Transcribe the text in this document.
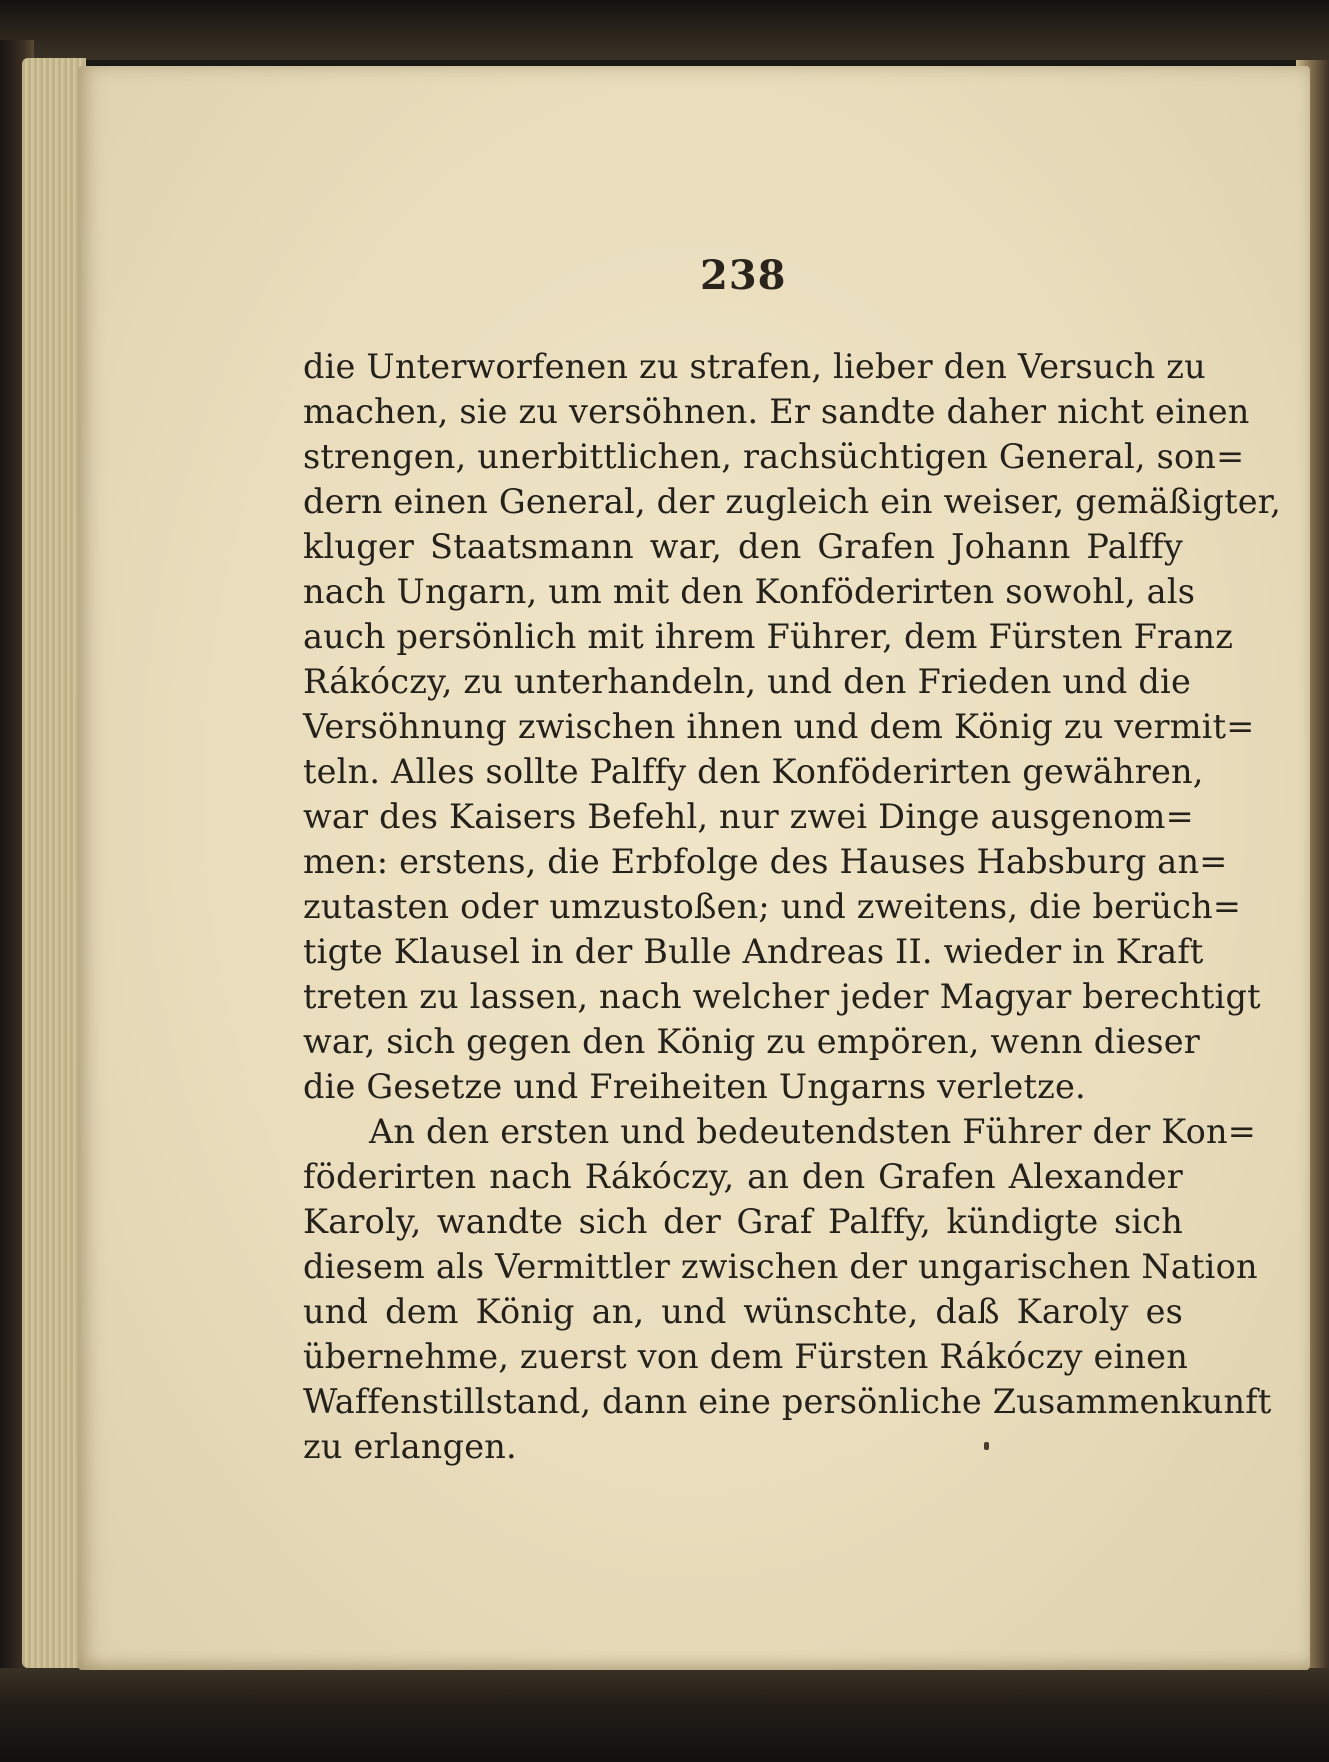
238

die Unterworfenen zu strafen, lieber den Versuch zu
machen, sie zu versöhnen. Er sandte daher nicht einen
strengen, unerbittlichen, rachsüchtigen General, son=
dern einen General, der zugleich ein weiser, gemäßigter,
kluger Staatsmann war, den Grafen Johann Palffy
nach Ungarn, um mit den Konföderirten sowohl, als
auch persönlich mit ihrem Führer, dem Fürsten Franz
Rákóczy, zu unterhandeln, und den Frieden und die
Versöhnung zwischen ihnen und dem König zu vermit=
teln. Alles sollte Palffy den Konföderirten gewähren,
war des Kaisers Befehl, nur zwei Dinge ausgenom=
men: erstens, die Erbfolge des Hauses Habsburg an=
zutasten oder umzustoßen; und zweitens, die berüch=
tigte Klausel in der Bulle Andreas II. wieder in Kraft
treten zu lassen, nach welcher jeder Magyar berechtigt
war, sich gegen den König zu empören, wenn dieser
die Gesetze und Freiheiten Ungarns verletze.
An den ersten und bedeutendsten Führer der Kon=
föderirten nach Rákóczy, an den Grafen Alexander
Karoly, wandte sich der Graf Palffy, kündigte sich
diesem als Vermittler zwischen der ungarischen Nation
und dem König an, und wünschte, daß Karoly es
übernehme, zuerst von dem Fürsten Rákóczy einen
Waffenstillstand, dann eine persönliche Zusammenkunft
zu erlangen.
